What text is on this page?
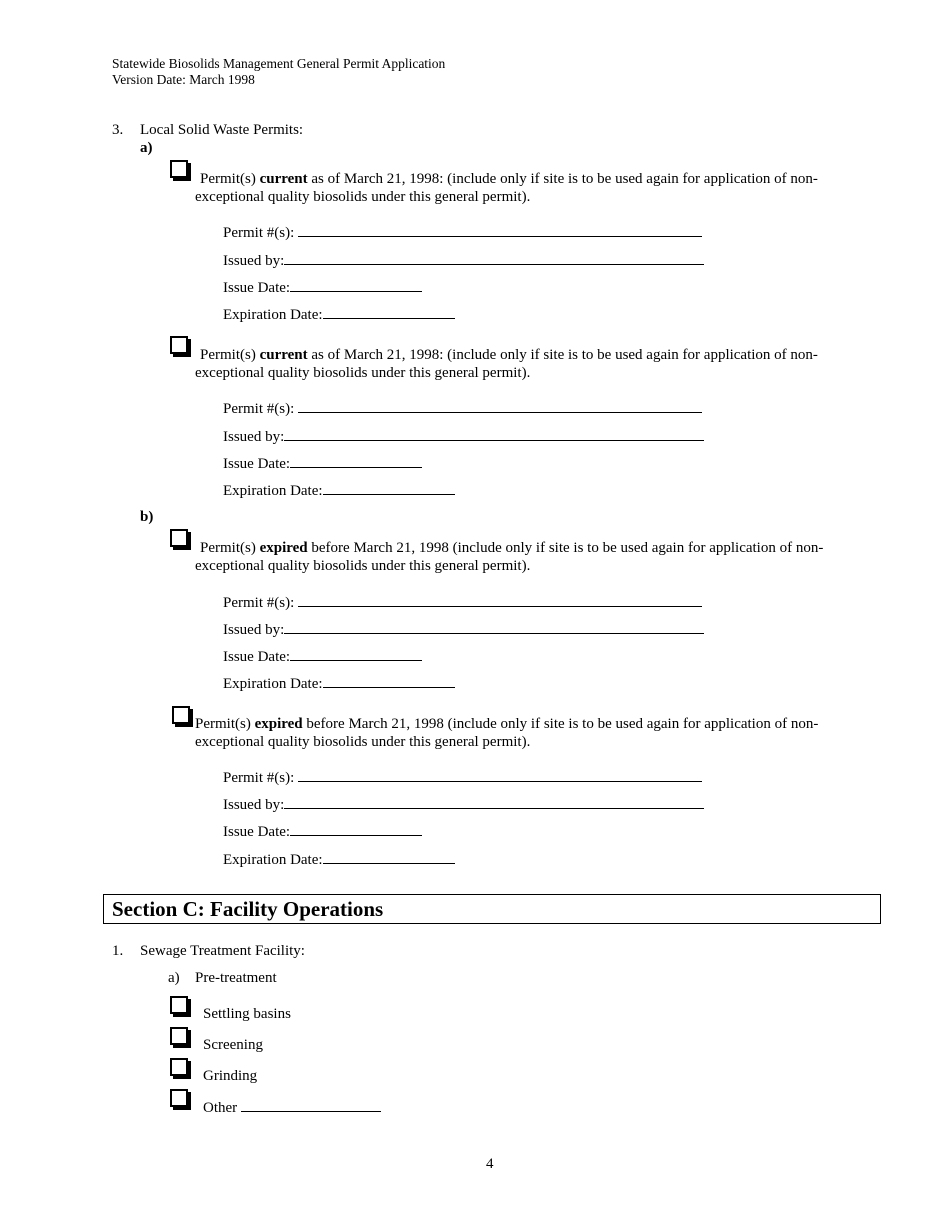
Statewide Biosolids Management General Permit Application
Version Date: March 1998
3. Local Solid Waste Permits:
a)
b)
Permit(s) current as of March 21, 1998: (include only if site is to be used again for application of non-
exceptional quality biosolids under this general permit).
Permit #(s):
Issued by:
Issue Date:
Expiration Date:
Permit(s) current as of March 21, 1998: (include only if site is to be used again for application of non-
exceptional quality biosolids under this general permit).
Permit #(s):
Issued by:
Issue Date:
Expiration Date:
Permit(s) expired before March 21, 1998 (include only if site is to be used again for application of non-
exceptional quality biosolids under this general permit).
Permit #(s):
Issued by:
Issue Date:
Expiration Date:
Permit(s) expired before March 21, 1998 (include only if site is to be used again for application of non-
exceptional quality biosolids under this general permit).
Permit #(s):
Issued by:
Issue Date:
Expiration Date:
Section C: Facility Operations
1. Sewage Treatment Facility:
a) Pre-treatment
Settling basins
Screening
Grinding
Other
4
